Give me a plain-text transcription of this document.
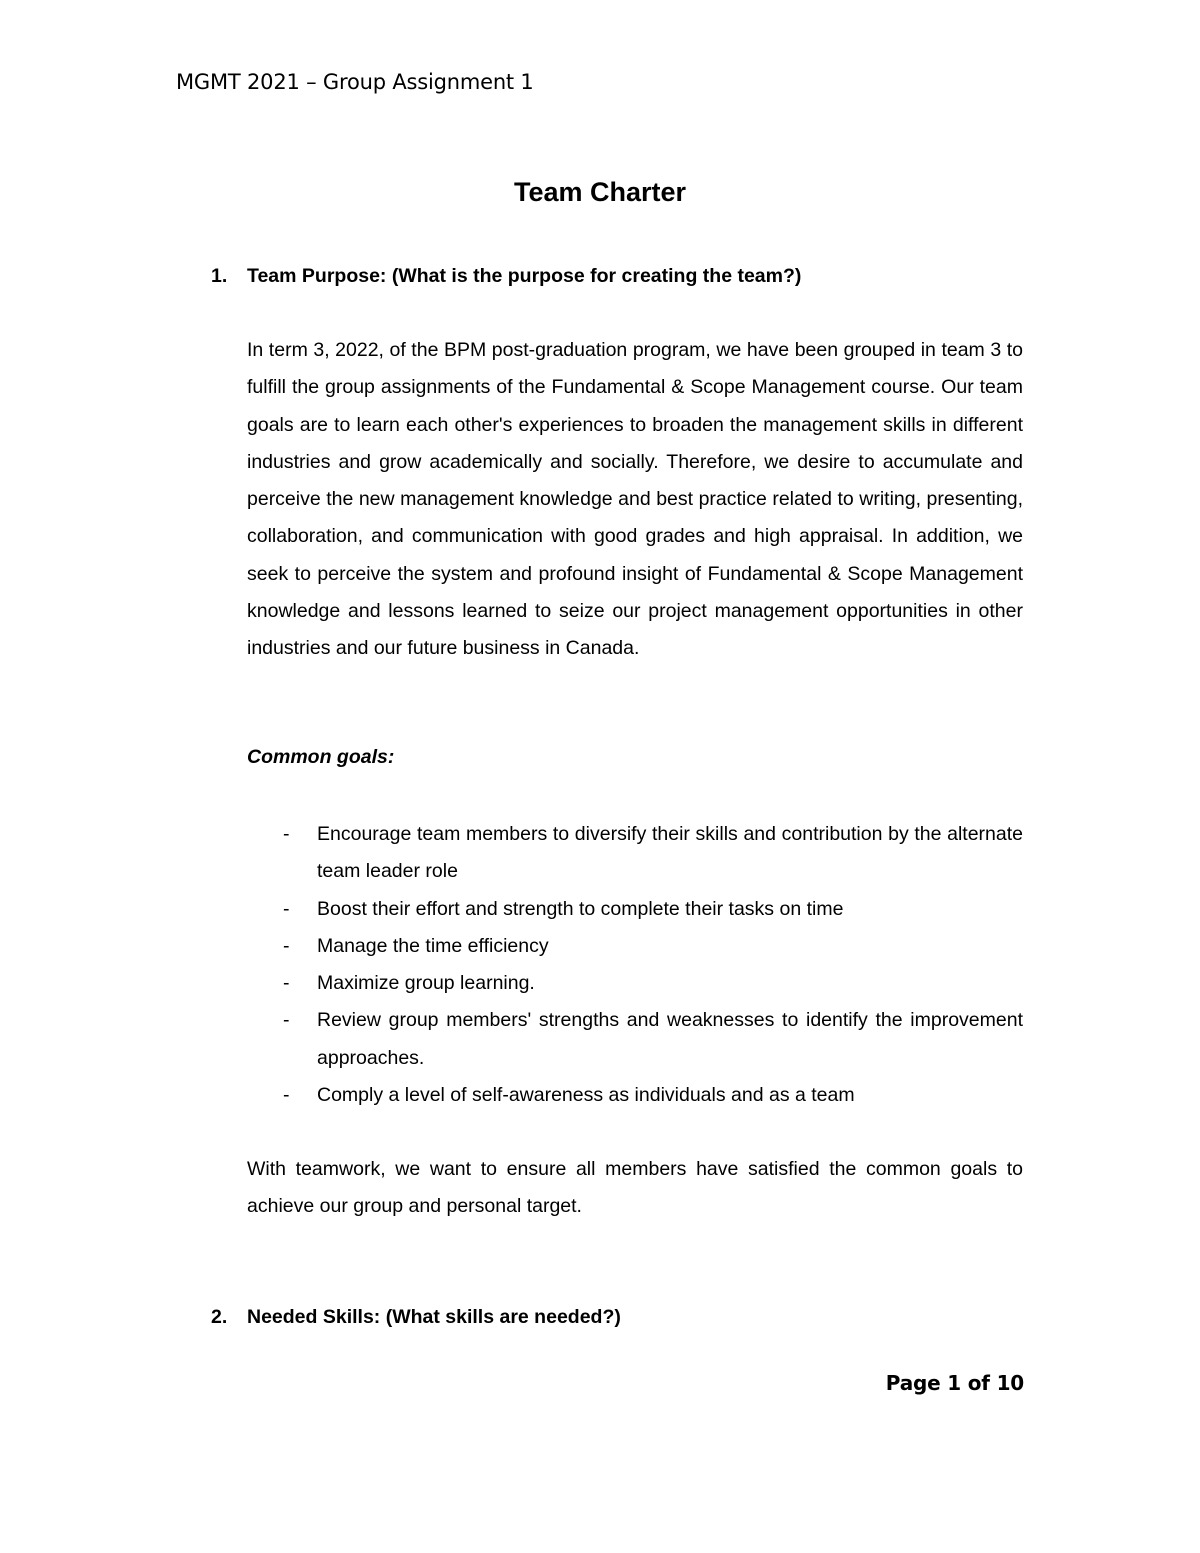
MGMT 2021 – Group Assignment 1
Team Charter
1. Team Purpose: (What is the purpose for creating the team?)
In term 3, 2022, of the BPM post-graduation program, we have been grouped in team 3 to fulfill the group assignments of the Fundamental & Scope Management course. Our team goals are to learn each other's experiences to broaden the management skills in different industries and grow academically and socially. Therefore, we desire to accumulate and perceive the new management knowledge and best practice related to writing, presenting, collaboration, and communication with good grades and high appraisal. In addition, we seek to perceive the system and profound insight of Fundamental & Scope Management knowledge and lessons learned to seize our project management opportunities in other industries and our future business in Canada.
Common goals:
- Encourage team members to diversify their skills and contribution by the alternate team leader role
- Boost their effort and strength to complete their tasks on time
- Manage the time efficiency
- Maximize group learning.
- Review group members' strengths and weaknesses to identify the improvement approaches.
- Comply a level of self-awareness as individuals and as a team
With teamwork, we want to ensure all members have satisfied the common goals to achieve our group and personal target.
2. Needed Skills: (What skills are needed?)
Page 1 of 10
